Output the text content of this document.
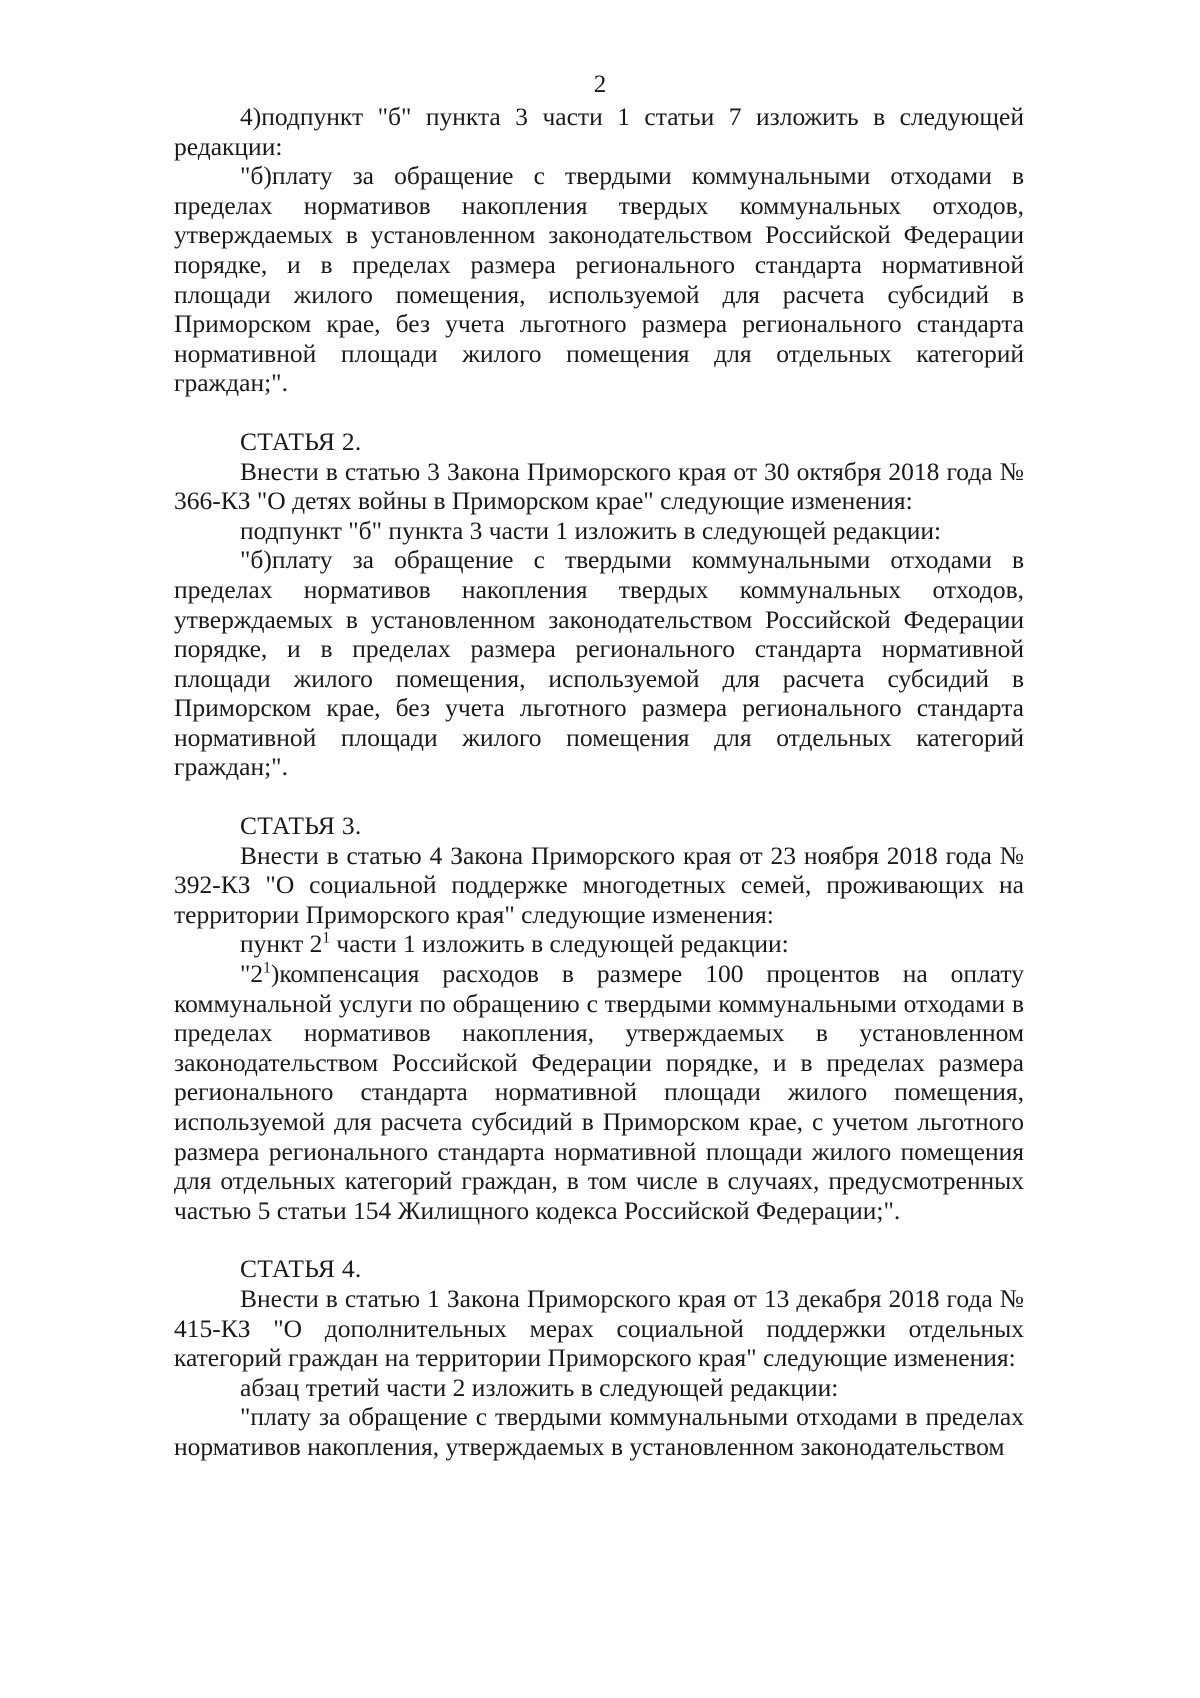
2

4)подпункт "б" пункта 3 части 1 статьи 7 изложить в следующей редакции:

"б)плату за обращение с твердыми коммунальными отходами в пределах нормативов накопления твердых коммунальных отходов, утверждаемых в установленном законодательством Российской Федерации порядке, и в пределах размера регионального стандарта нормативной площади жилого помещения, используемой для расчета субсидий в Приморском крае, без учета льготного размера регионального стандарта нормативной площади жилого помещения для отдельных категорий граждан;".

СТАТЬЯ 2.

Внести в статью 3 Закона Приморского края от 30 октября 2018 года № 366-КЗ "О детях войны в Приморском крае" следующие изменения:

подпункт "б" пункта 3 части 1 изложить в следующей редакции:

"б)плату за обращение с твердыми коммунальными отходами в пределах нормативов накопления твердых коммунальных отходов, утверждаемых в установленном законодательством Российской Федерации порядке, и в пределах размера регионального стандарта нормативной площади жилого помещения, используемой для расчета субсидий в Приморском крае, без учета льготного размера регионального стандарта нормативной площади жилого помещения для отдельных категорий граждан;".

СТАТЬЯ 3.

Внести в статью 4 Закона Приморского края от 23 ноября 2018 года № 392-КЗ "О социальной поддержке многодетных семей, проживающих на территории Приморского края" следующие изменения:

пункт $2^1$ части 1 изложить в следующей редакции:

"$2^1)компенсация$ расходов в размере 100 процентов на оплату коммунальной услуги по обращению с твердыми коммунальными отходами в пределах нормативов накопления, утверждаемых в установленном законодательством Российской Федерации порядке, и в пределах размера регионального стандарта нормативной площади жилого помещения, используемой для расчета субсидий в Приморском крае, с учетом льготного размера регионального стандарта нормативной площади жилого помещения для отдельных категорий граждан, в том числе в случаях, предусмотренных частью 5 статьи 154 Жилищного кодекса Российской Федерации;".

СТАТЬЯ 4.

Внести в статью 1 Закона Приморского края от 13 декабря 2018 года № 415-КЗ "О дополнительных мерах социальной поддержки отдельных категорий граждан на территории Приморского края" следующие изменения:

абзац третий части 2 изложить в следующей редакции:

"плату за обращение с твердыми коммунальными отходами в пределах нормативов накопления, утверждаемых в установленном законодательством
